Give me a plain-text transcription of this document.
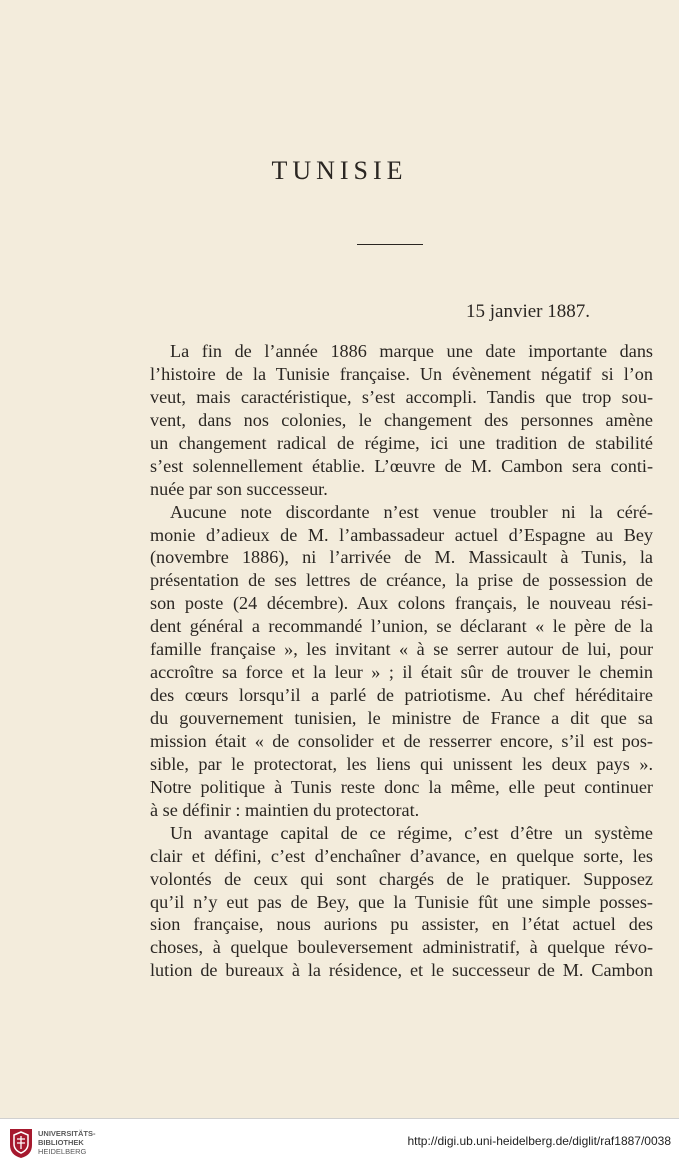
TUNISIE
15 janvier 1887.
La fin de l’année 1886 marque une date importante dans
l’histoire de la Tunisie française. Un évènement négatif si l’on
veut, mais caractéristique, s’est accompli. Tandis que trop sou-
vent, dans nos colonies, le changement des personnes amène
un changement radical de régime, ici une tradition de stabilité
s’est solennellement établie. L’œuvre de M. Cambon sera conti-
nuée par son successeur.
Aucune note discordante n’est venue troubler ni la céré-
monie d’adieux de M. l’ambassadeur actuel d’Espagne au Bey
(novembre 1886), ni l’arrivée de M. Massicault à Tunis, la
présentation de ses lettres de créance, la prise de possession de
son poste (24 décembre). Aux colons français, le nouveau rési-
dent général a recommandé l’union, se déclarant « le père de la
famille française », les invitant « à se serrer autour de lui, pour
accroître sa force et la leur » ; il était sûr de trouver le chemin
des cœurs lorsqu’il a parlé de patriotisme. Au chef héréditaire
du gouvernement tunisien, le ministre de France a dit que sa
mission était « de consolider et de resserrer encore, s’il est pos-
sible, par le protectorat, les liens qui unissent les deux pays ».
Notre politique à Tunis reste donc la même, elle peut continuer
à se définir : maintien du protectorat.
Un avantage capital de ce régime, c’est d’être un système
clair et défini, c’est d’enchaîner d’avance, en quelque sorte, les
volontés de ceux qui sont chargés de le pratiquer. Supposez
qu’il n’y eut pas de Bey, que la Tunisie fût une simple posses-
sion française, nous aurions pu assister, en l’état actuel des
choses, à quelque bouleversement administratif, à quelque révo-
lution de bureaux à la résidence, et le successeur de M. Cambon
UNIVERSITÄTS-
BIBLIOTHEK
HEIDELBERG
http://digi.ub.uni-heidelberg.de/diglit/raf1887/0038
